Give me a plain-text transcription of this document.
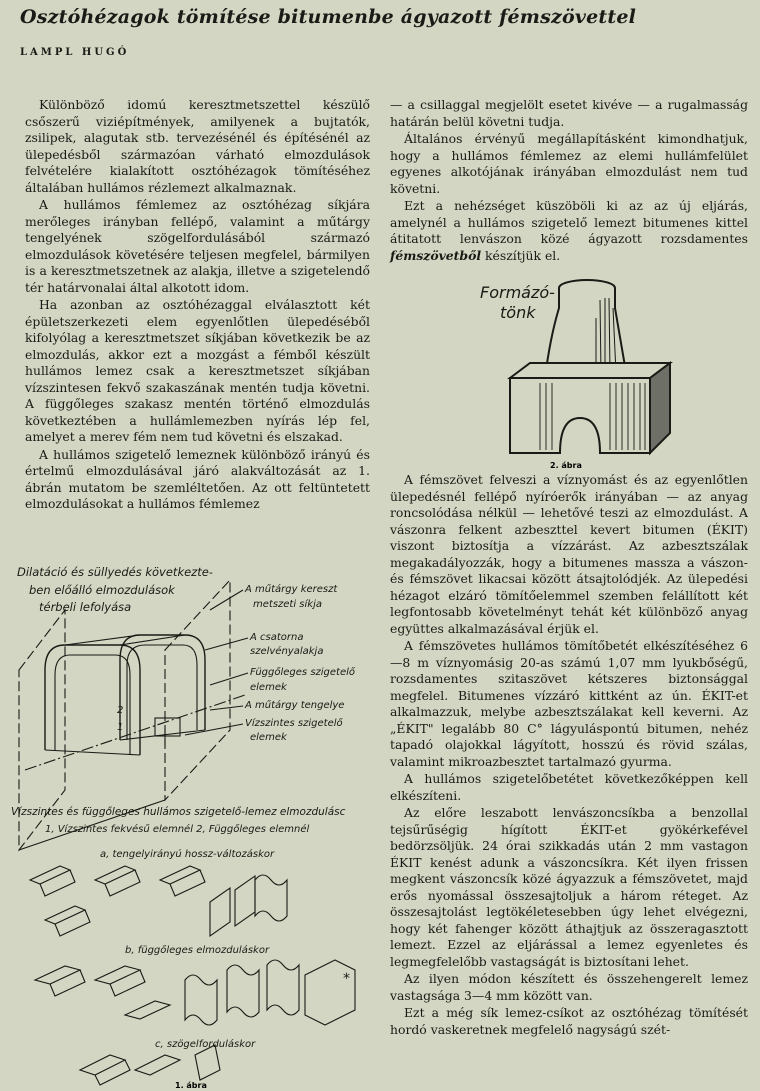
Osztóhézagok tömítése bitumenbe ágyazott fémszövettel
LAMPL HUGÓ

Különböző idomú keresztmetszettel készülő csőszerű viziépítmények, amilyenek a bujtatók, zsilipek, alagutak stb. tervezésénél és építésénél az ülepedésből származóan várható elmozdulások felvételére kialakított osztóhézagok tömítéséhez általában hullámos rézlemezt alkalmaznak.

A hullámos fémlemez az osztóhézag síkjára merőleges irányban fellépő, valamint a műtárgy tengelyének szögelfordulásából származó elmozdulások követésére teljesen megfelel, bármilyen is a keresztmetszetnek az alakja, illetve a szigetelendő tér határvonalai által alkotott idom.

Ha azonban az osztóhézaggal elválasztott két épületszerkezeti elem egyenlőtlen ülepedéséből kifolyólag a keresztmetszet síkjában következik be az elmozdulás, akkor ezt a mozgást a fémből készült hullámos lemez csak a keresztmetszet síkjában vízszintesen fekvő szakaszának mentén tudja követni. A függőleges szakasz mentén történő elmozdulás következtében a hullámlemezben nyírás lép fel, amelyet a merev fém nem tud követni és elszakad.

A hullámos szigetelő lemeznek különböző irányú és értelmű elmozdulásával járó alakváltozását az 1. ábrán mutatom be szemléltetően. Az ott feltüntetett elmozdulásokat a hullámos fémlemez

— a csillaggal megjelölt esetet kivéve — a rugalmasság határán belül követni tudja.

Általános érvényű megállapításként kimondhatjuk, hogy a hullámos fémlemez az elemi hullámfelület egyenes alkotójának irányában elmozdulást nem tud követni.

Ezt a nehézséget küszöböli ki az az új eljárás, amelynél a hullámos szigetelő lemezt bitumenes kittel átitatott lenvászon közé ágyazott rozsdamentes fémszövetből készítjük el.

Formázó-
tönk
2. ábra

A fémszövet felveszi a víznyomást és az egyenlőtlen ülepedésnél fellépő nyíróerők irányában — az anyag roncsolódása nélkül — lehetővé teszi az elmozdulást. A vászonra felkent azbeszttel kevert bitumen (ÉKIT) viszont biztosítja a vízzárást. Az azbesztszálak megakadályozzák, hogy a bitumenes massza a vászon- és fémszövet likacsai között átsajtolódjék. Az ülepedési hézagot elzáró tömítőelemmel szemben felállított két legfontosabb követelményt tehát két különböző anyag együttes alkalmazásával érjük el.

A fémszövetes hullámos tömítőbetét elkészítéséhez 6—8 m víznyomásig 20-as számú 1,07 mm lyukbőségű, rozsdamentes szitaszövet kétszeres biztonsággal megfelel. Bitumenes vízzáró kittként az ún. ÉKIT-et alkalmazzuk, melybe azbesztszálakat kell keverni. Az „ÉKIT" legalább 80 C° lágyuláspontú bitumen, nehéz tapadó olajokkal lágyított, hosszú és rövid szálas, valamint mikroazbesztet tartalmazó gyurma.

A hullámos szigetelőbetétet következőképpen kell elkészíteni.

Az előre leszabott lenvászoncsíkba a benzollal tejsűrűségig hígított ÉKIT-et gyökérkefével bedörzsöljük. 24 órai szikkadás után 2 mm vastagon ÉKIT kenést adunk a vászoncsíkra. Két ilyen frissen megkent vászoncsík közé ágyazzuk a fémszövetet, majd erős nyomással összesajtoljuk a három réteget. Az összesajtolást legtökéletesebben úgy lehet elvégezni, hogy két fahenger között áthajtjuk az összeragasztott lemezt. Ezzel az eljárással a lemez egyenletes és legmegfelelőbb vastagságát is biztosítani lehet.

Az ilyen módon készített és összehengerelt lemez vastagsága 3—4 mm között van.

Ezt a még sík lemez-csíkot az osztóhézag tömítését hordó vaskeretnek megfelelő nagyságú szét-

Dilatáció és süllyedés következte-
ben előálló elmozdulások
térbeli lefolyása
A műtárgy kereszt
metszeti síkja
A csatorna
szelvényalakja
Függőleges szigetelő
elemek
A műtárgy tengelye
Vízszintes szigetelő
elemek
2
1
Vízszintes és függőleges hullámos szigetelő-lemez elmozdulásc
1, Vízszintes fekvésű elemnél 2, Függőleges elemnél
a, tengelyirányú hossz-változáskor
b, függőleges elmozduláskor
c, szögelforduláskor
*
1. ábra
